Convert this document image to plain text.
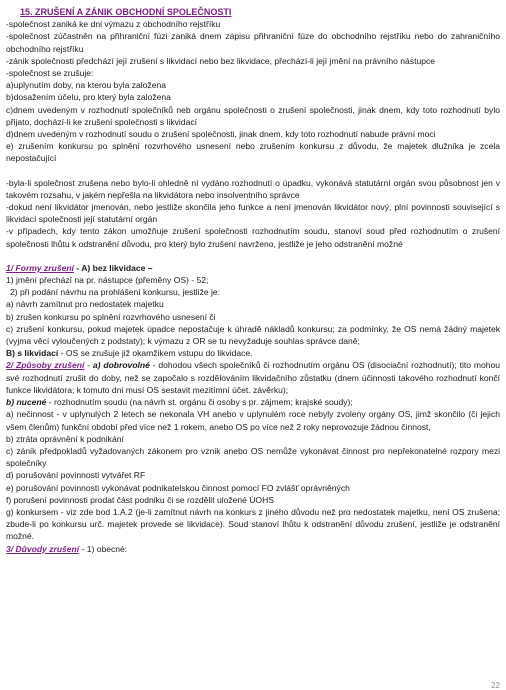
15. ZRUŠENÍ A ZÁNIK OBCHODNÍ SPOLEČNOSTI
-společnost zaniká ke dni výmazu z obchodního rejstříku
-společnost zúčastněn na přihraniční fúzi zaniká dnem zápisu přihraniční fúze do obchodního rejstříku nebo do zahraničního obchodního rejstříku
-zánik společnosti předchází její zrušení s likvidací nebo bez likvidace, přechází-li její jmění na právního nástupce
-společnost se zrušuje:
a)uplynutím doby, na kterou byla založena
b)dosažením účelu, pro který byla založena
c)dnem uvedeným v rozhodnutí společníků neb orgánu společnosti o zrušení společnosti, jinak dnem, kdy toto rozhodnutí bylo přijato, dochází-li ke zrušení společnosti s likvidací
d)dnem uvedeným v rozhodnutí soudu o zrušení společnosti, jinak dnem, kdy toto rozhodnutí nabude právní moci
e) zrušením konkursu po splnění rozvrhového usnesení nebo zrušením konkursu z důvodu, že majetek dlužníka je zcela nepostačující
-byla-li společnost zrušena nebo bylo-li ohledně ní vydáno rozhodnutí o úpadku, vykonává statutární orgán svou působnost jen v takovém rozsahu, v jakém nepřešla na likvidátora nebo insolventního správce
-dokud není likvidátor jmenován, nebo jestliže skončila jeho funkce a není jmenován likvidátor nový, plní povinnosti související s likvidací společnosti její statutární orgán
-v případech, kdy tento zákon umožňuje zrušení společnosti rozhodnutím soudu, stanoví soud před rozhodnutím o zrušení společnosti lhůtu k odstranění důvodu, pro který bylo zrušení navrženo, jestliže je jeho odstranění možné
1/ Formy zrušení - A) bez likvidace –
1) jmění přechází na pr. nástupce (přeměny OS) - 52;
2) při podání návrhu na prohlášení konkursu, jestliže je:
a) návrh zamítnut pro nedostatek majetku
b) zrušen konkursu po splnění rozvrhového usnesení či
c) zrušení konkursu, pokud majetek úpadce nepostačuje k úhradě nákladů konkursu; za podmínky, že OS nemá žádný majetek (vyjma věcí vyloučených z podstaty); k výmazu z OR se tu nevyžaduje souhlas správce daně;
B) s likvidací - OS se zrušuje již okamžikem vstupu do likvidace.
2/ Způsoby zrušení - a) dobrovolné - dohodou všech společníků či rozhodnutím orgánu OS (disociační rozhodnutí); tito mohou své rozhodnutí zrušit do doby, než se započalo s rozdělováním likvidačního zůstatku (dnem účinnosti takového rozhodnutí končí funkce likvidátora; k tomuto dni musí OS sestavit mezitímní účet. závěrku);
b) nucené - rozhodnutím soudu (na návrh st. orgánu či osoby s pr. zájmem; krajské soudy);
a) nečinnost - v uplynulých 2 letech se nekonala VH anebo v uplynulém roce nebyly zvoleny orgány OS, jimž skončilo (či jejich všem členům) funkční období před více než 1 rokem, anebo OS po více než 2 roky neprovozuje žádnou činnost,
b) ztráta oprávnění k podnikání
c) zánik předpokladů vyžadovaných zákonem pro vznik anebo OS nemůže vykonávat činnost pro nepřekonatelné rozpory mezi společníky
d) porušování povinnosti vytvářet RF
e) porušování povinnosti vykonávat podnikatelskou činnost pomocí FO zvlášť oprávněných
f) porušení povinnosti prodat část podniku či se rozdělit uložené ÚOHS
g) konkursem - viz zde bod 1.A.2 (je-li zamítnut návrh na konkurs z jiného důvodu než pro nedostatek majetku, není OS zrušena; zbude-li po konkursu urč. majetek provede se likvidace). Soud stanoví lhůtu k odstranění důvodu zrušení, jestliže je odstranění možné.
3/ Důvody zrušení - 1) obecné:
22
